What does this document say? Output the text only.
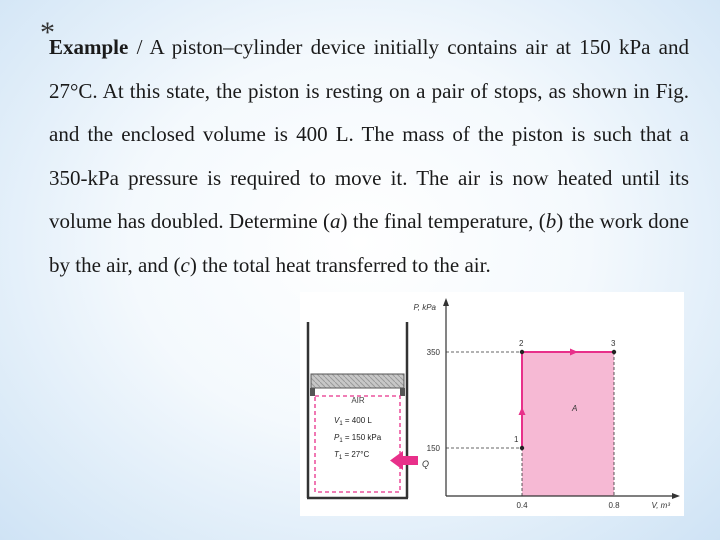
*

Example / A piston–cylinder device initially contains air at 150 kPa and 27°C. At this state, the piston is resting on a pair of stops, as shown in Fig. and the enclosed volume is 400 L. The mass of the piston is such that a 350-kPa pressure is required to move it. The air is now heated until its volume has doubled. Determine (a) the final temperature, (b) the work done by the air, and (c) the total heat transferred to the air.

AIR
$V_1 = 400$ L
$P_1 = 150$ kPa
$T_1 = 27^\circ C$
Q
P, kPa
V, m³
350
150
0.4	0.8
1
2	3
A
